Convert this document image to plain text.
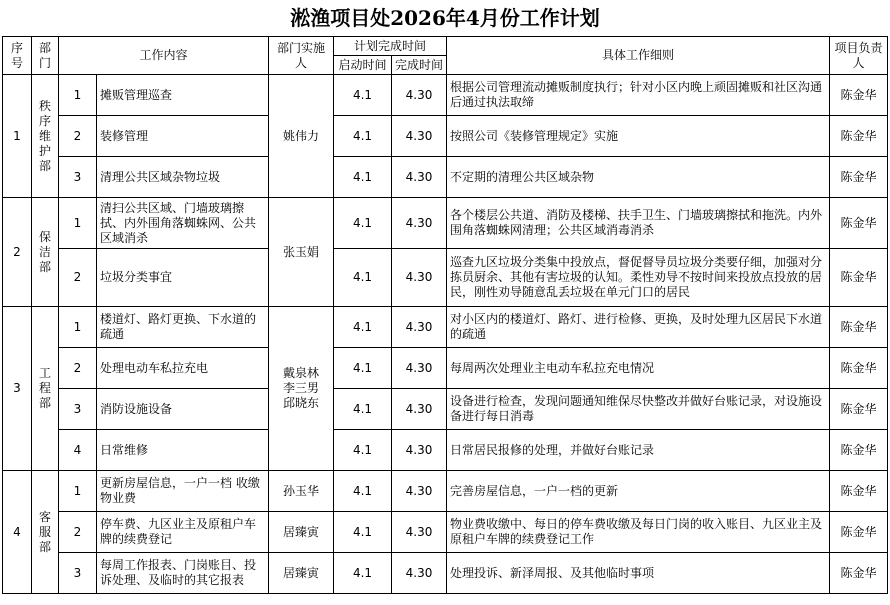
淞渔项目处2026年4月份工作计划
序号	部门	工作内容		部门实施人	计划完成时间		具体工作细则	项目负责人
					启动时间	完成时间		
1	秩序维护部	1	摊贩管理巡查	姚伟力	4.1	4.30	根据公司管理流动摊贩制度执行；针对小区内晚上顽固摊贩和社区沟通后通过执法取缔	陈金华
		2	装修管理		4.1	4.30	按照公司《装修管理规定》实施	陈金华
		3	清理公共区域杂物垃圾		4.1	4.30	不定期的清理公共区域杂物	陈金华
2	保洁部	1	清扫公共区域、门墙玻璃擦拭、内外围角落蜘蛛网、公共区域消杀	张玉娟	4.1	4.30	各个楼层公共道、消防及楼梯、扶手卫生、门墙玻璃擦拭和拖洗。内外围角落蜘蛛网清理；公共区域消毒消杀	陈金华
		2	垃圾分类事宜		4.1	4.30	巡查九区垃圾分类集中投放点，督促督导员垃圾分类要仔细，加强对分拣员厨余、其他有害垃圾的认知。柔性劝导不按时间来投放点投放的居民，刚性劝导随意乱丢垃圾在单元门口的居民	陈金华
3	工程部	1	楼道灯、路灯更换、下水道的疏通	戴泉林
李三男
邱晓东	4.1	4.30	对小区内的楼道灯、路灯、进行检修、更换，及时处理九区居民下水道的疏通	陈金华
		2	处理电动车私拉充电		4.1	4.30	每周两次处理业主电动车私拉充电情况	陈金华
		3	消防设施设备		4.1	4.30	设备进行检查，发现问题通知维保尽快整改并做好台账记录，对设施设备进行每日消毒	陈金华
		4	日常维修		4.1	4.30	日常居民报修的处理，并做好台账记录	陈金华
4	客服部	1	更新房屋信息，一户一档 收缴物业费	孙玉华	4.1	4.30	完善房屋信息，一户一档的更新	陈金华
		2	停车费、九区业主及原租户车牌的续费登记	居臻寅	4.1	4.30	物业费收缴中、每日的停车费收缴及每日门岗的收入账目、九区业主及原租户车牌的续费登记工作	陈金华
		3	每周工作报表、门岗账目、投诉处理、及临时的其它报表	居臻寅	4.1	4.30	处理投诉、新泽周报、及其他临时事项	陈金华
